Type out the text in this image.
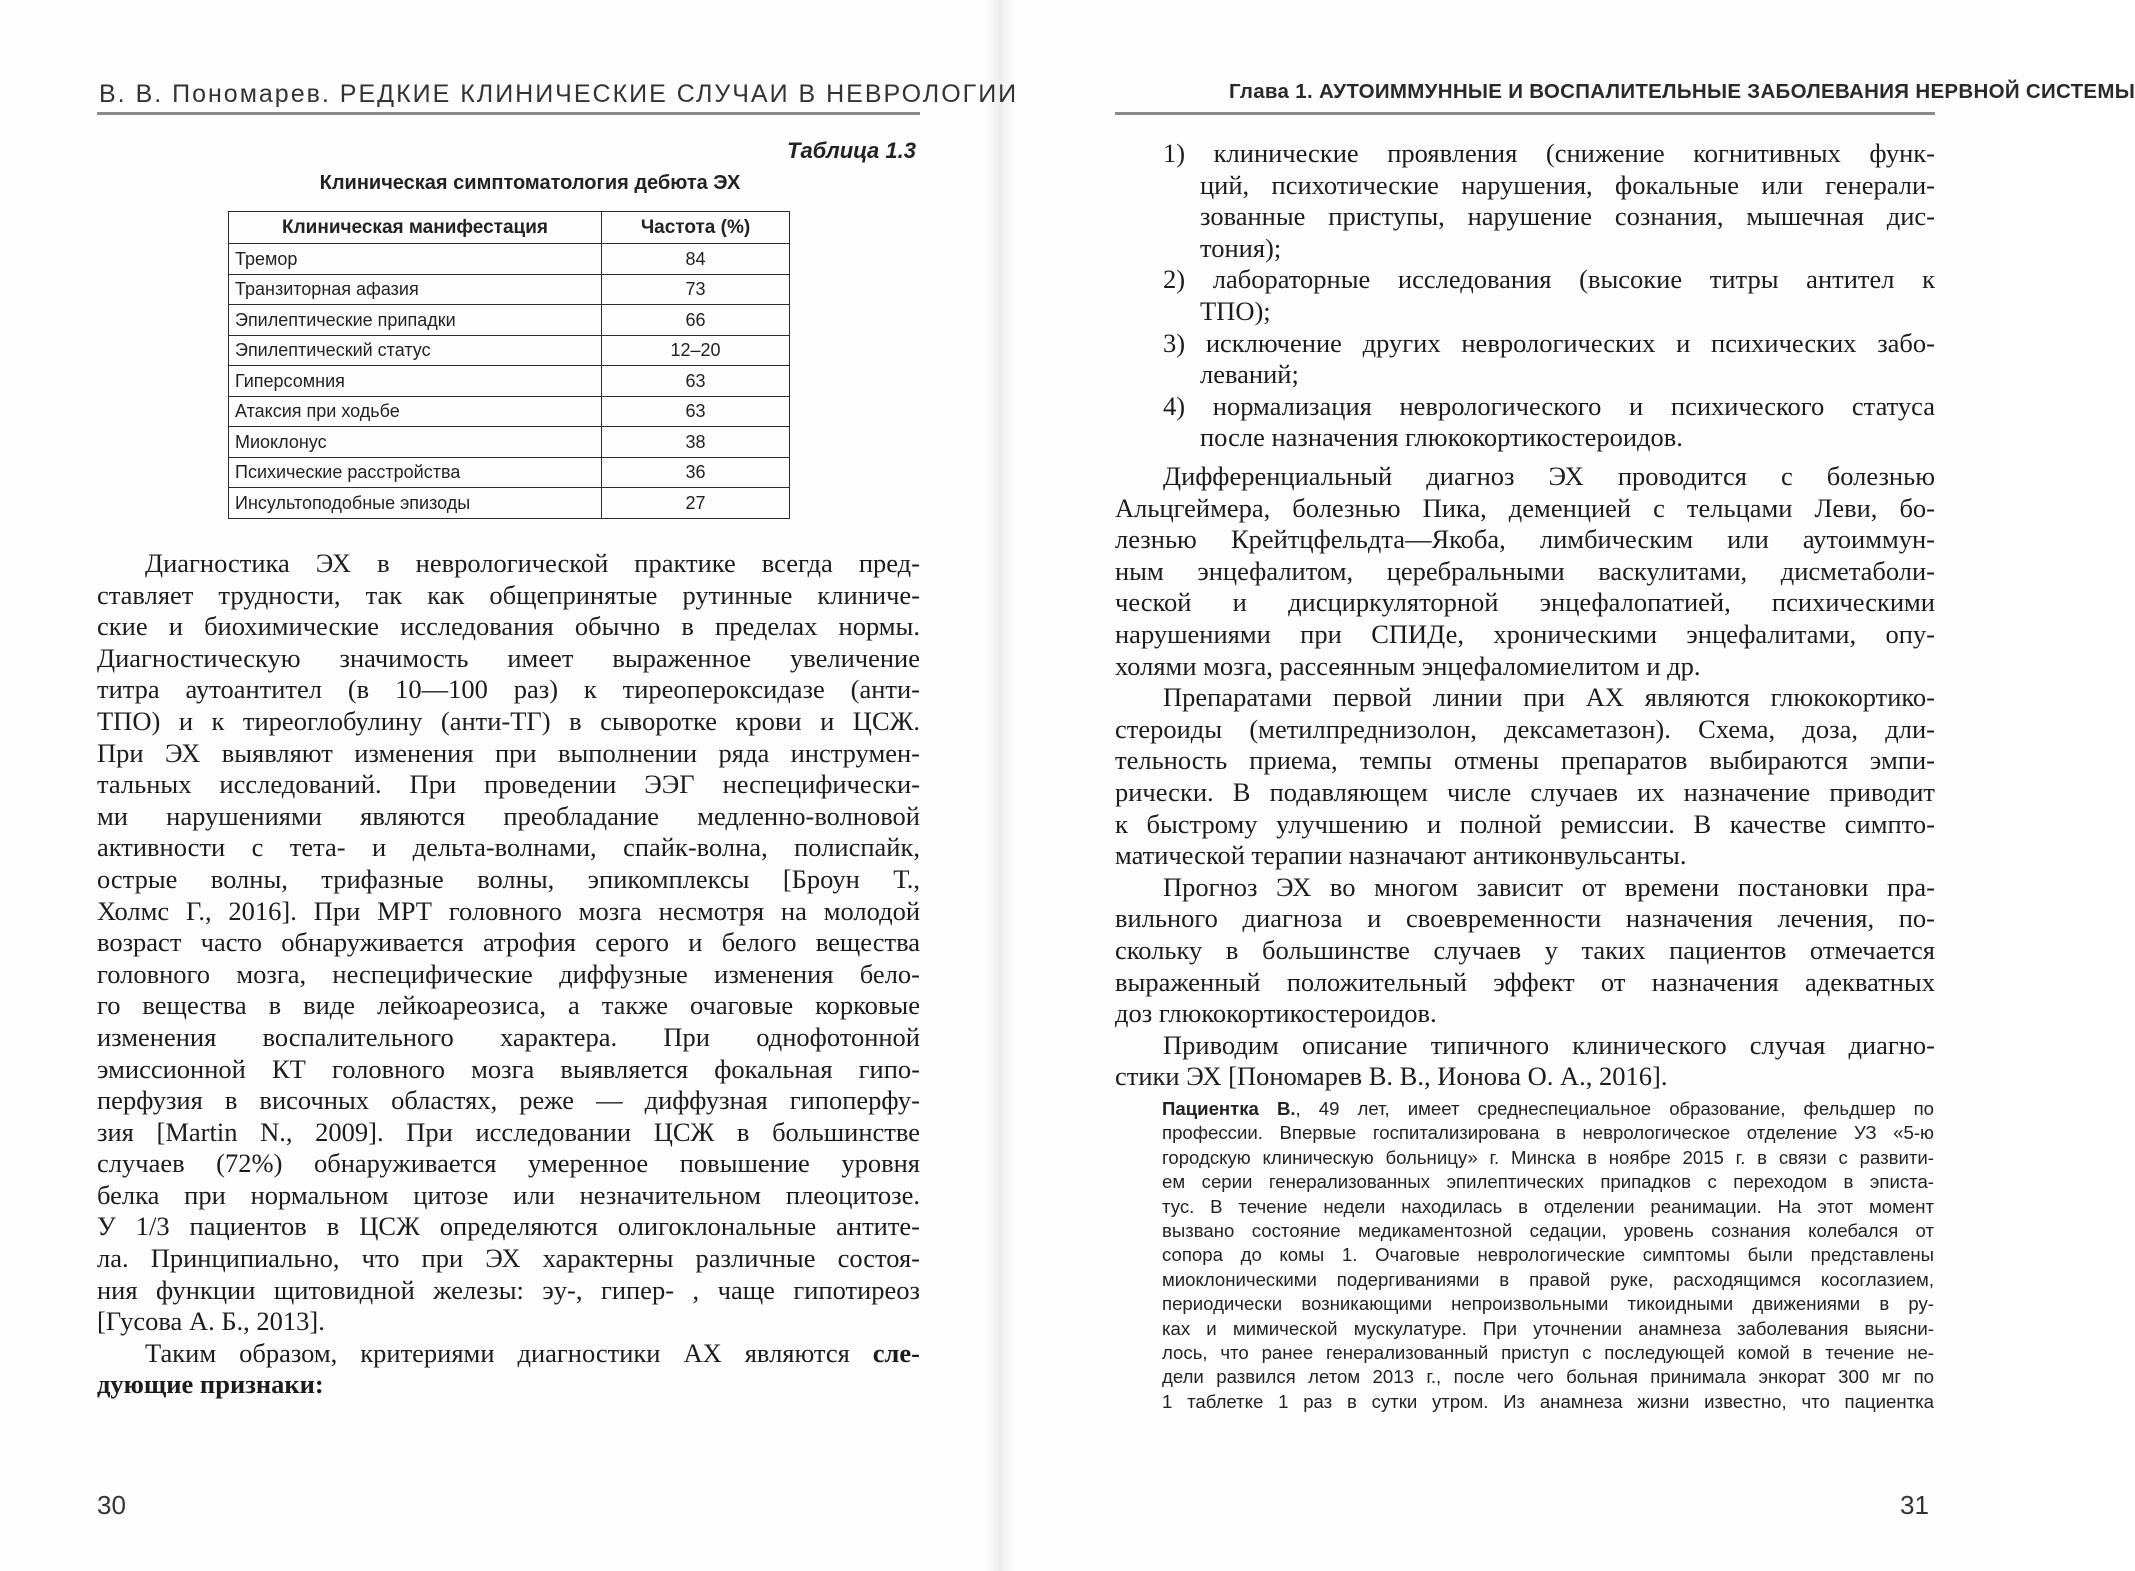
В. В. Пономарев. РЕДКИЕ КЛИНИЧЕСКИЕ СЛУЧАИ В НЕВРОЛОГИИ
Таблица 1.3
Клиническая симптоматология дебюта ЭХ
Клиническая манифестация	Частота (%)
Тремор	84
Транзиторная афазия	73
Эпилептические припадки	66
Эпилептический статус	12–20
Гиперсомния	63
Атаксия при ходьбе	63
Миоклонус	38
Психические расстройства	36
Инсультоподобные эпизоды	27
Диагностика ЭХ в неврологической практике всегда пред-
ставляет трудности, так как общепринятые рутинные клиниче-
ские и биохимические исследования обычно в пределах нормы.
Диагностическую значимость имеет выраженное увеличение
титра аутоантител (в 10—100 раз) к тиреопероксидазе (анти-
ТПО) и к тиреоглобулину (анти-ТГ) в сыворотке крови и ЦСЖ.
При ЭХ выявляют изменения при выполнении ряда инструмен-
тальных исследований. При проведении ЭЭГ неспецифически-
ми нарушениями являются преобладание медленно-волновой
активности с тета- и дельта-волнами, спайк-волна, полиспайк,
острые волны, трифазные волны, эпикомплексы [Броун Т.,
Холмс Г., 2016]. При МРТ головного мозга несмотря на молодой
возраст часто обнаруживается атрофия серого и белого вещества
головного мозга, неспецифические диффузные изменения бело-
го вещества в виде лейкоареозиса, а также очаговые корковые
изменения воспалительного характера. При однофотонной
эмиссионной КТ головного мозга выявляется фокальная гипо-
перфузия в височных областях, реже — диффузная гипоперфу-
зия [Martin N., 2009]. При исследовании ЦСЖ в большинстве
случаев (72%) обнаруживается умеренное повышение уровня
белка при нормальном цитозе или незначительном плеоцитозе.
У 1/3 пациентов в ЦСЖ определяются олигоклональные антите-
ла. Принципиально, что при ЭХ характерны различные состоя-
ния функции щитовидной железы: эу-, гипер- , чаще гипотиреоз
[Гусова А. Б., 2013].
Таким образом, критериями диагностики АХ являются сле-
дующие признаки:
30
Глава 1. АУТОИММУННЫЕ И ВОСПАЛИТЕЛЬНЫЕ ЗАБОЛЕВАНИЯ НЕРВНОЙ СИСТЕМЫ
1) клинические проявления (снижение когнитивных функ-
ций, психотические нарушения, фокальные или генерали-
зованные приступы, нарушение сознания, мышечная дис-
тония);
2) лабораторные исследования (высокие титры антител к
ТПО);
3) исключение других неврологических и психических забо-
леваний;
4) нормализация неврологического и психического статуса
после назначения глюкокортикостероидов.
Дифференциальный диагноз ЭХ проводится с болезнью
Альцгеймера, болезнью Пика, деменцией с тельцами Леви, бо-
лезнью Крейтцфельдта—Якоба, лимбическим или аутоиммун-
ным энцефалитом, церебральными васкулитами, дисметаболи-
ческой и дисциркуляторной энцефалопатией, психическими
нарушениями при СПИДе, хроническими энцефалитами, опу-
холями мозга, рассеянным энцефаломиелитом и др.
Препаратами первой линии при АХ являются глюкокортико-
стероиды (метилпреднизолон, дексаметазон). Схема, доза, дли-
тельность приема, темпы отмены препаратов выбираются эмпи-
рически. В подавляющем числе случаев их назначение приводит
к быстрому улучшению и полной ремиссии. В качестве симпто-
матической терапии назначают антиконвульсанты.
Прогноз ЭХ во многом зависит от времени постановки пра-
вильного диагноза и своевременности назначения лечения, по-
скольку в большинстве случаев у таких пациентов отмечается
выраженный положительный эффект от назначения адекватных
доз глюкокортикостероидов.
Приводим описание типичного клинического случая диагно-
стики ЭХ [Пономарев В. В., Ионова О. А., 2016].
Пациентка В., 49 лет, имеет среднеспециальное образование, фельдшер по
профессии. Впервые госпитализирована в неврологическое отделение УЗ «5-ю
городскую клиническую больницу» г. Минска в ноябре 2015 г. в связи с развити-
ем серии генерализованных эпилептических припадков с переходом в эписта-
тус. В течение недели находилась в отделении реанимации. На этот момент
вызвано состояние медикаментозной седации, уровень сознания колебался от
сопора до комы 1. Очаговые неврологические симптомы были представлены
миоклоническими подергиваниями в правой руке, расходящимся косоглазием,
периодически возникающими непроизвольными тикоидными движениями в ру-
ках и мимической мускулатуре. При уточнении анамнеза заболевания выясни-
лось, что ранее генерализованный приступ с последующей комой в течение не-
дели развился летом 2013 г., после чего больная принимала энкорат 300 мг по
1 таблетке 1 раз в сутки утром. Из анамнеза жизни известно, что пациентка
31
